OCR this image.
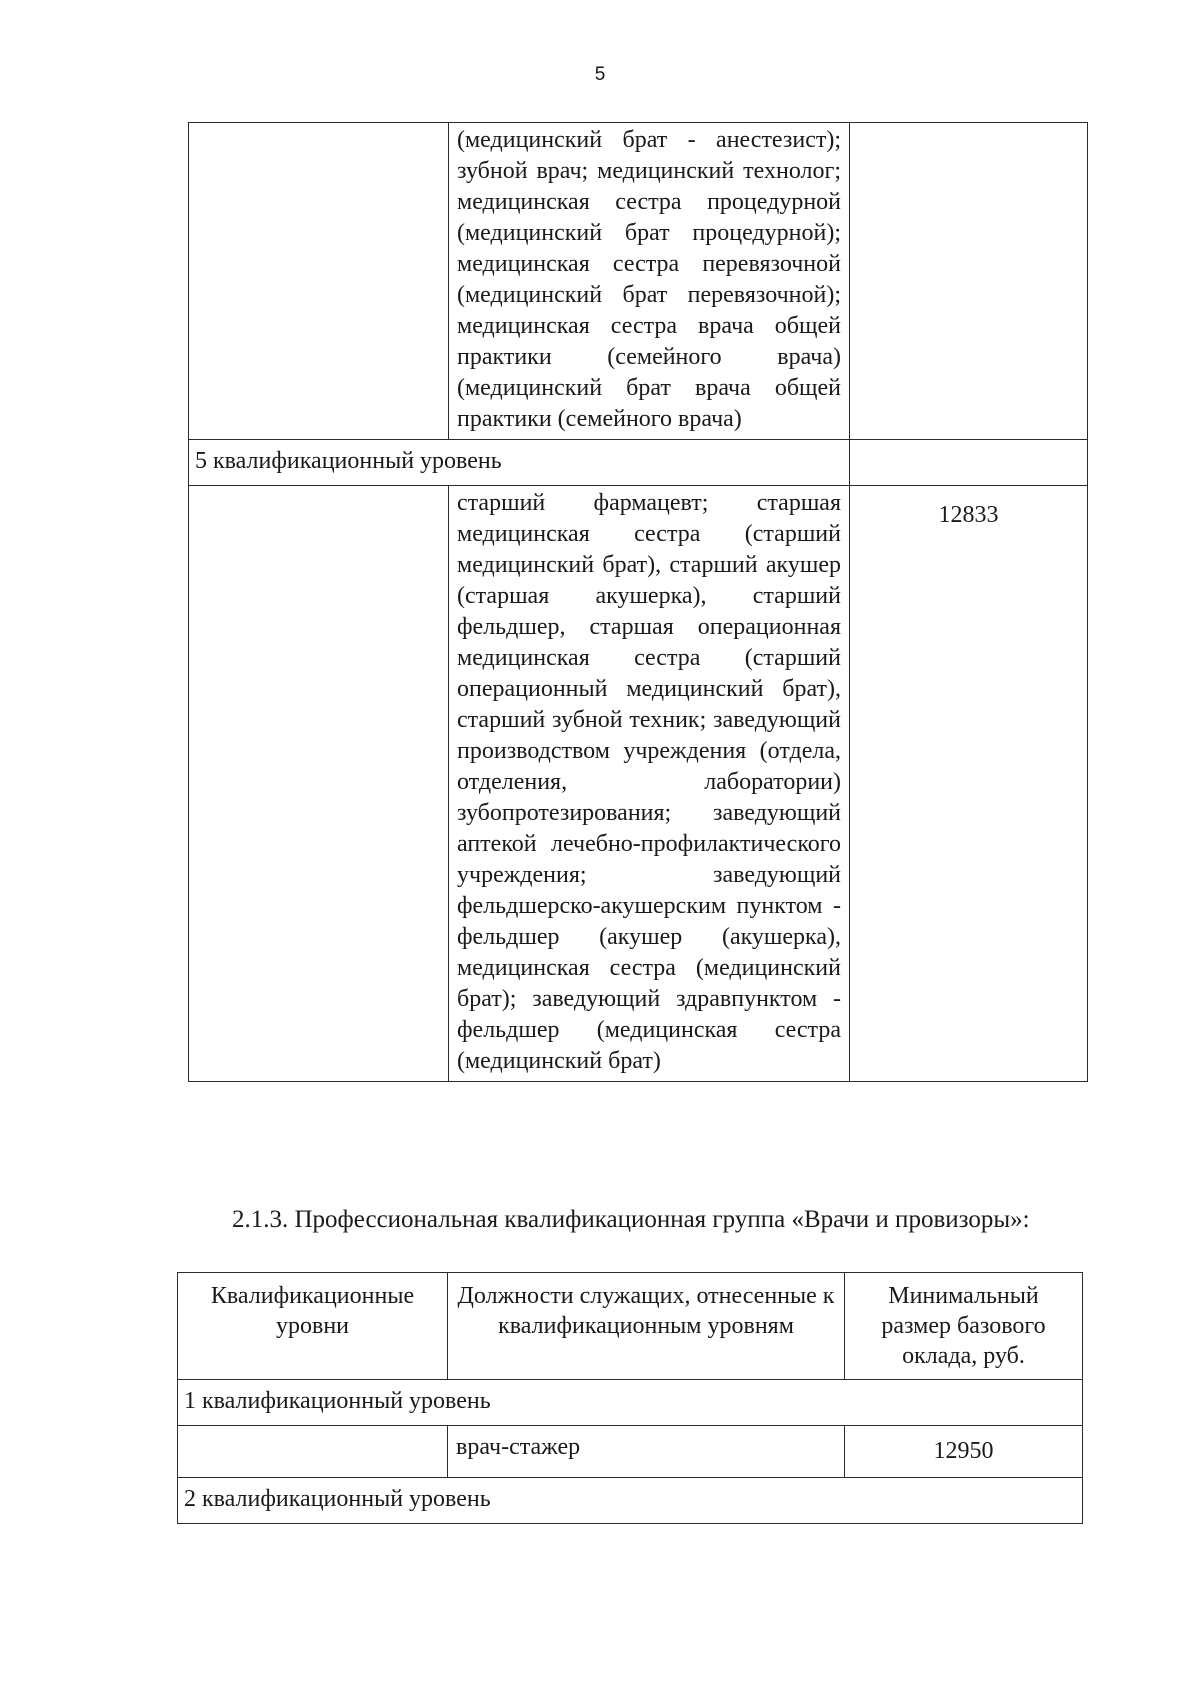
5
	(медицинский брат - анестезист); зубной врач; медицинский технолог; медицинская сестра процедурной (медицинский брат процедурной); медицинская сестра перевязочной (медицинский брат перевязочной); медицинская сестра врача общей практики (семейного врача) (медицинский брат врача общей практики (семейного врача)	
5 квалификационный уровень		
	старший фармацевт; старшая медицинская сестра (старший медицинский брат), старший акушер (старшая акушерка), старший фельдшер, старшая операционная медицинская сестра (старший операционный медицинский брат), старший зубной техник; заведующий производством учреждения (отдела, отделения, лаборатории) зубопротезирования; заведующий аптекой лечебно-профилактического учреждения; заведующий фельдшерско-акушерским пунктом - фельдшер (акушер (акушерка), медицинская сестра (медицинский брат); заведующий здравпунктом - фельдшер (медицинская сестра (медицинский брат)	12833
2.1.3. Профессиональная квалификационная группа «Врачи и провизоры»:
Квалификационные уровни	Должности служащих, отнесенные к квалификационным уровням	Минимальный размер базового оклада, руб.
1 квалификационный уровень		
	врач-стажер	12950
2 квалификационный уровень		
